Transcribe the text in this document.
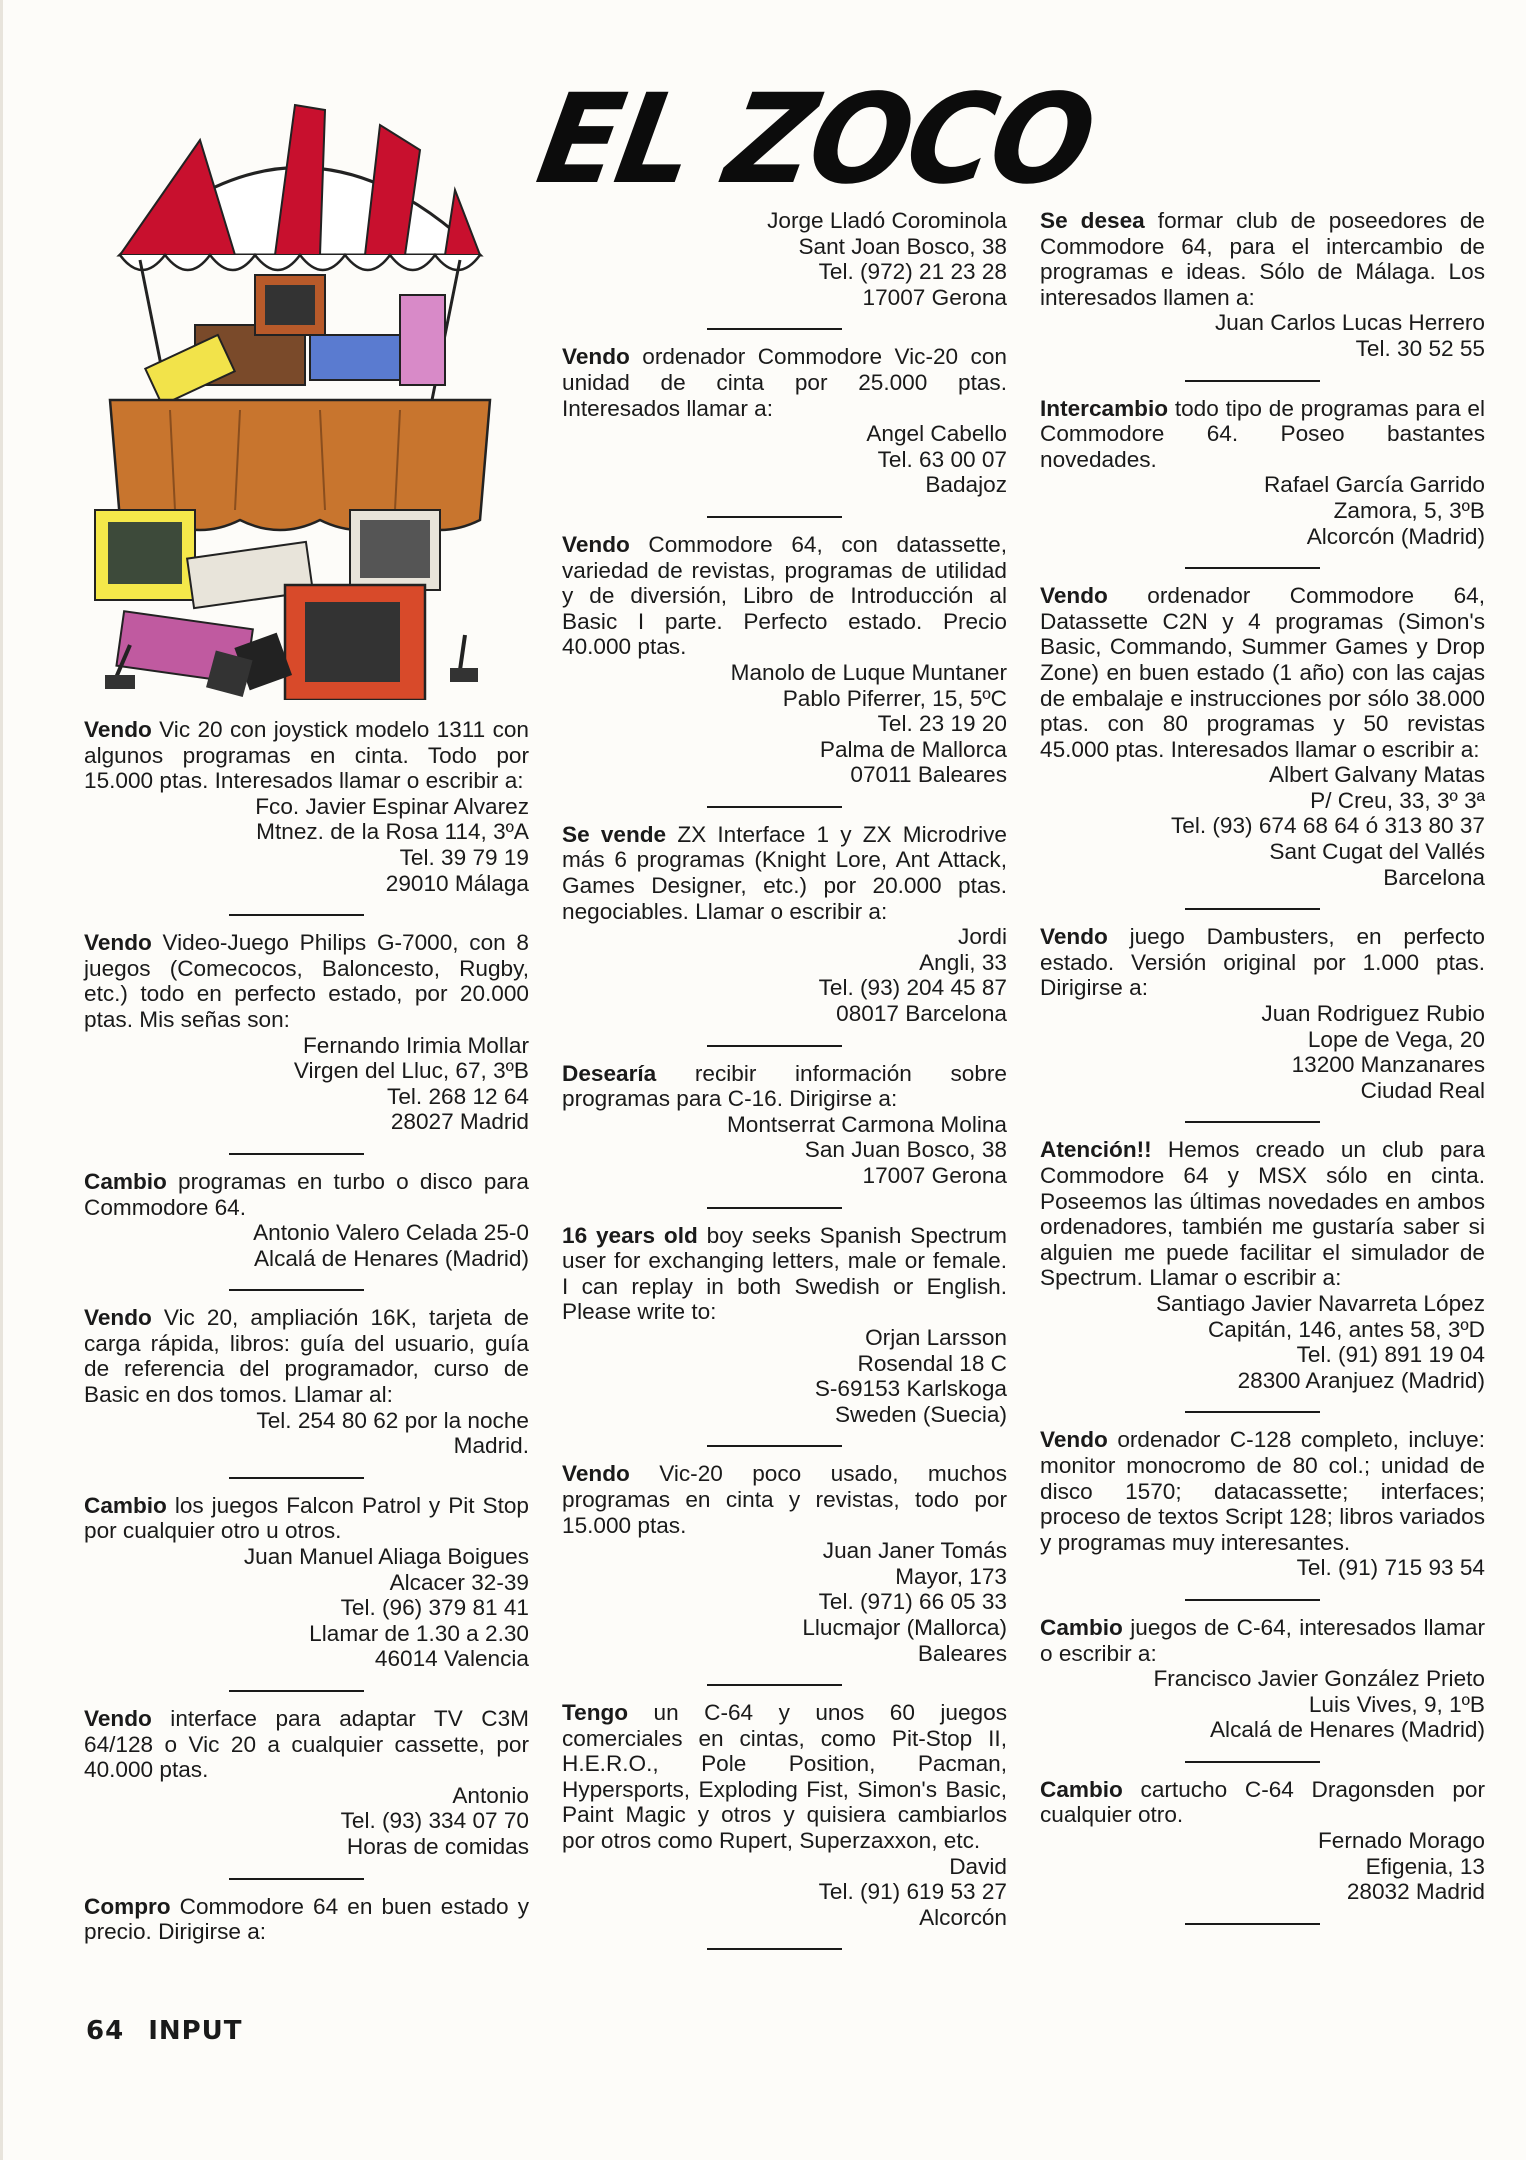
EL ZOCO

Vendo Vic 20 con joystick modelo 1311 con algunos programas en cinta. Todo por 15.000 ptas. Interesados llamar o escribir a:

Fco. Javier Espinar Alvarez
Mtnez. de la Rosa 114, 3ºA
Tel. 39 79 19
29010 Málaga

Vendo Video-Juego Philips G-7000, con 8 juegos (Comecocos, Baloncesto, Rugby, etc.) todo en perfecto estado, por 20.000 ptas. Mis señas son:

Fernando Irimia Mollar
Virgen del Lluc, 67, 3ºB
Tel. 268 12 64
28027 Madrid

Cambio programas en turbo o disco para Commodore 64.

Antonio Valero Celada 25-0
Alcalá de Henares (Madrid)

Vendo Vic 20, ampliación 16K, tarjeta de carga rápida, libros: guía del usuario, guía de referencia del programador, curso de Basic en dos tomos. Llamar al:

Tel. 254 80 62 por la noche
Madrid.

Cambio los juegos Falcon Patrol y Pit Stop por cualquier otro u otros.

Juan Manuel Aliaga Boigues
Alcacer 32-39
Tel. (96) 379 81 41
Llamar de 1.30 a 2.30
46014 Valencia

Vendo interface para adaptar TV C3M 64/128 o Vic 20 a cualquier cassette, por 40.000 ptas.

Antonio
Tel. (93) 334 07 70
Horas de comidas

Compro Commodore 64 en buen estado y precio. Dirigirse a:

Jorge Lladó Corominola
Sant Joan Bosco, 38
Tel. (972) 21 23 28
17007 Gerona

Vendo ordenador Commodore Vic-20 con unidad de cinta por 25.000 ptas. Interesados llamar a:

Angel Cabello
Tel. 63 00 07
Badajoz

Vendo Commodore 64, con datassette, variedad de revistas, programas de utilidad y de diversión, Libro de Introducción al Basic I parte. Perfecto estado. Precio 40.000 ptas.

Manolo de Luque Muntaner
Pablo Piferrer, 15, 5ºC
Tel. 23 19 20
Palma de Mallorca
07011 Baleares

Se vende ZX Interface 1 y ZX Microdrive más 6 programas (Knight Lore, Ant Attack, Games Designer, etc.) por 20.000 ptas. negociables. Llamar o escribir a:

Jordi
Angli, 33
Tel. (93) 204 45 87
08017 Barcelona

Desearía recibir información sobre programas para C-16. Dirigirse a:

Montserrat Carmona Molina
San Juan Bosco, 38
17007 Gerona

16 years old boy seeks Spanish Spectrum user for exchanging letters, male or female. I can replay in both Swedish or English. Please write to:

Orjan Larsson
Rosendal 18 C
S-69153 Karlskoga
Sweden (Suecia)

Vendo Vic-20 poco usado, muchos programas en cinta y revistas, todo por 15.000 ptas.

Juan Janer Tomás
Mayor, 173
Tel. (971) 66 05 33
Llucmajor (Mallorca)
Baleares

Tengo un C-64 y unos 60 juegos comerciales en cintas, como Pit-Stop II, H.E.R.O., Pole Position, Pacman, Hypersports, Exploding Fist, Simon's Basic, Paint Magic y otros y quisiera cambiarlos por otros como Rupert, Superzaxxon, etc.

David
Tel. (91) 619 53 27
Alcorcón

Se desea formar club de poseedores de Commodore 64, para el intercambio de programas e ideas. Sólo de Málaga. Los interesados llamen a:

Juan Carlos Lucas Herrero
Tel. 30 52 55

Intercambio todo tipo de programas para el Commodore 64. Poseo bastantes novedades.

Rafael García Garrido
Zamora, 5, 3ºB
Alcorcón (Madrid)

Vendo ordenador Commodore 64, Datassette C2N y 4 programas (Simon's Basic, Commando, Summer Games y Drop Zone) en buen estado (1 año) con las cajas de embalaje e instrucciones por sólo 38.000 ptas. con 80 programas y 50 revistas 45.000 ptas. Interesados llamar o escribir a:

Albert Galvany Matas
P/ Creu, 33, 3º 3ª
Tel. (93) 674 68 64 ó 313 80 37
Sant Cugat del Vallés
Barcelona

Vendo juego Dambusters, en perfecto estado. Versión original por 1.000 ptas. Dirigirse a:

Juan Rodriguez Rubio
Lope de Vega, 20
13200 Manzanares
Ciudad Real

Atención!! Hemos creado un club para Commodore 64 y MSX sólo en cinta. Poseemos las últimas novedades en ambos ordenadores, también me gustaría saber si alguien me puede facilitar el simulador de Spectrum. Llamar o escribir a:

Santiago Javier Navarreta López
Capitán, 146, antes 58, 3ºD
Tel. (91) 891 19 04
28300 Aranjuez (Madrid)

Vendo ordenador C-128 completo, incluye: monitor monocromo de 80 col.; unidad de disco 1570; datacassette; interfaces; proceso de textos Script 128; libros variados y programas muy interesantes.

Tel. (91) 715 93 54

Cambio juegos de C-64, interesados llamar o escribir a:

Francisco Javier González Prieto
Luis Vives, 9, 1ºB
Alcalá de Henares (Madrid)

Cambio cartucho C-64 Dragonsden por cualquier otro.

Fernado Morago
Efigenia, 13
28032 Madrid
64 INPUT
